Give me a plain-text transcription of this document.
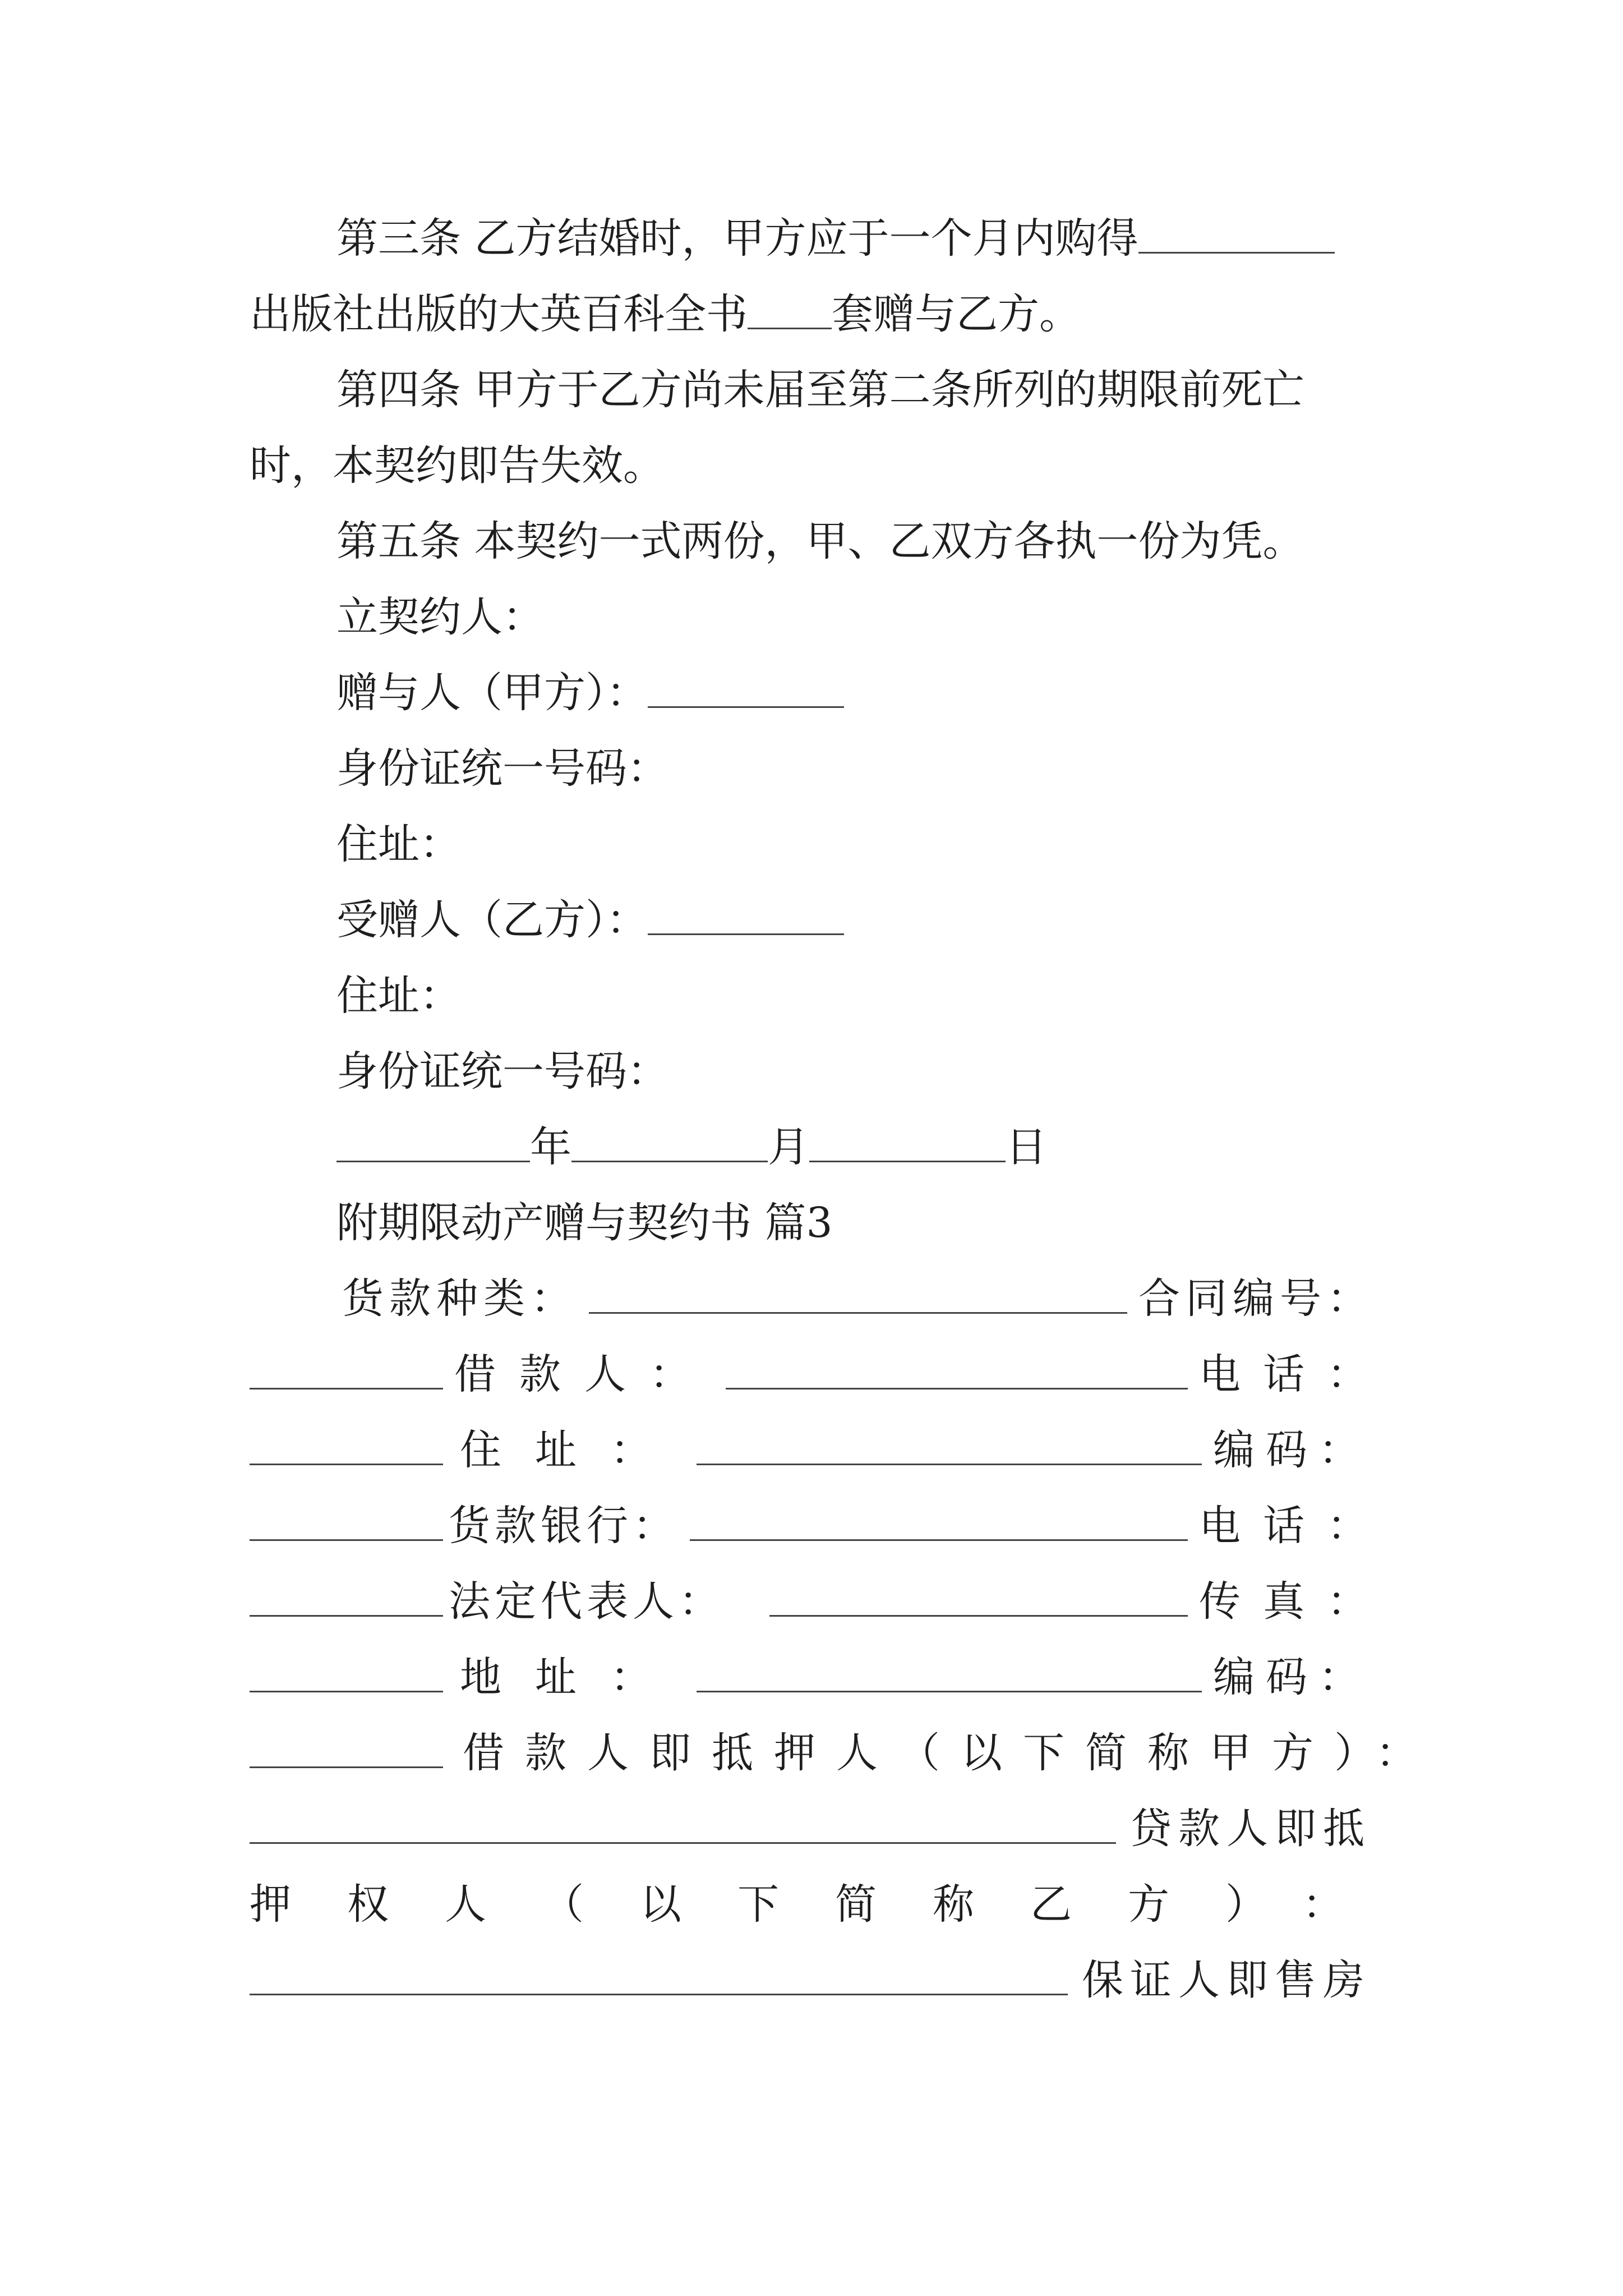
第三条 乙方结婚时，甲方应于一个月内购得
出版社出版的大英百科全书 套赠与乙方。
第四条 甲方于乙方尚未届至第二条所列的期限前死亡
时，本契约即告失效。
第五条 本契约一式两份，甲、乙双方各执一份为凭。
立契约人：
赠与人（甲方）：
身份证统一号码：
住址：
受赠人（乙方）：
住址：
身份证统一号码：
年	月	日
附期限动产赠与契约书 篇3
货款种类：	合同编号：
借款人：	电话：
住址：	编码：
货款银行：	电话：
法定代表人：	传真：
地址：	编码：
借款人即抵押人（以下简称甲方）：
贷款人即抵
押权人（以下简称乙方）：
保证人即售房
